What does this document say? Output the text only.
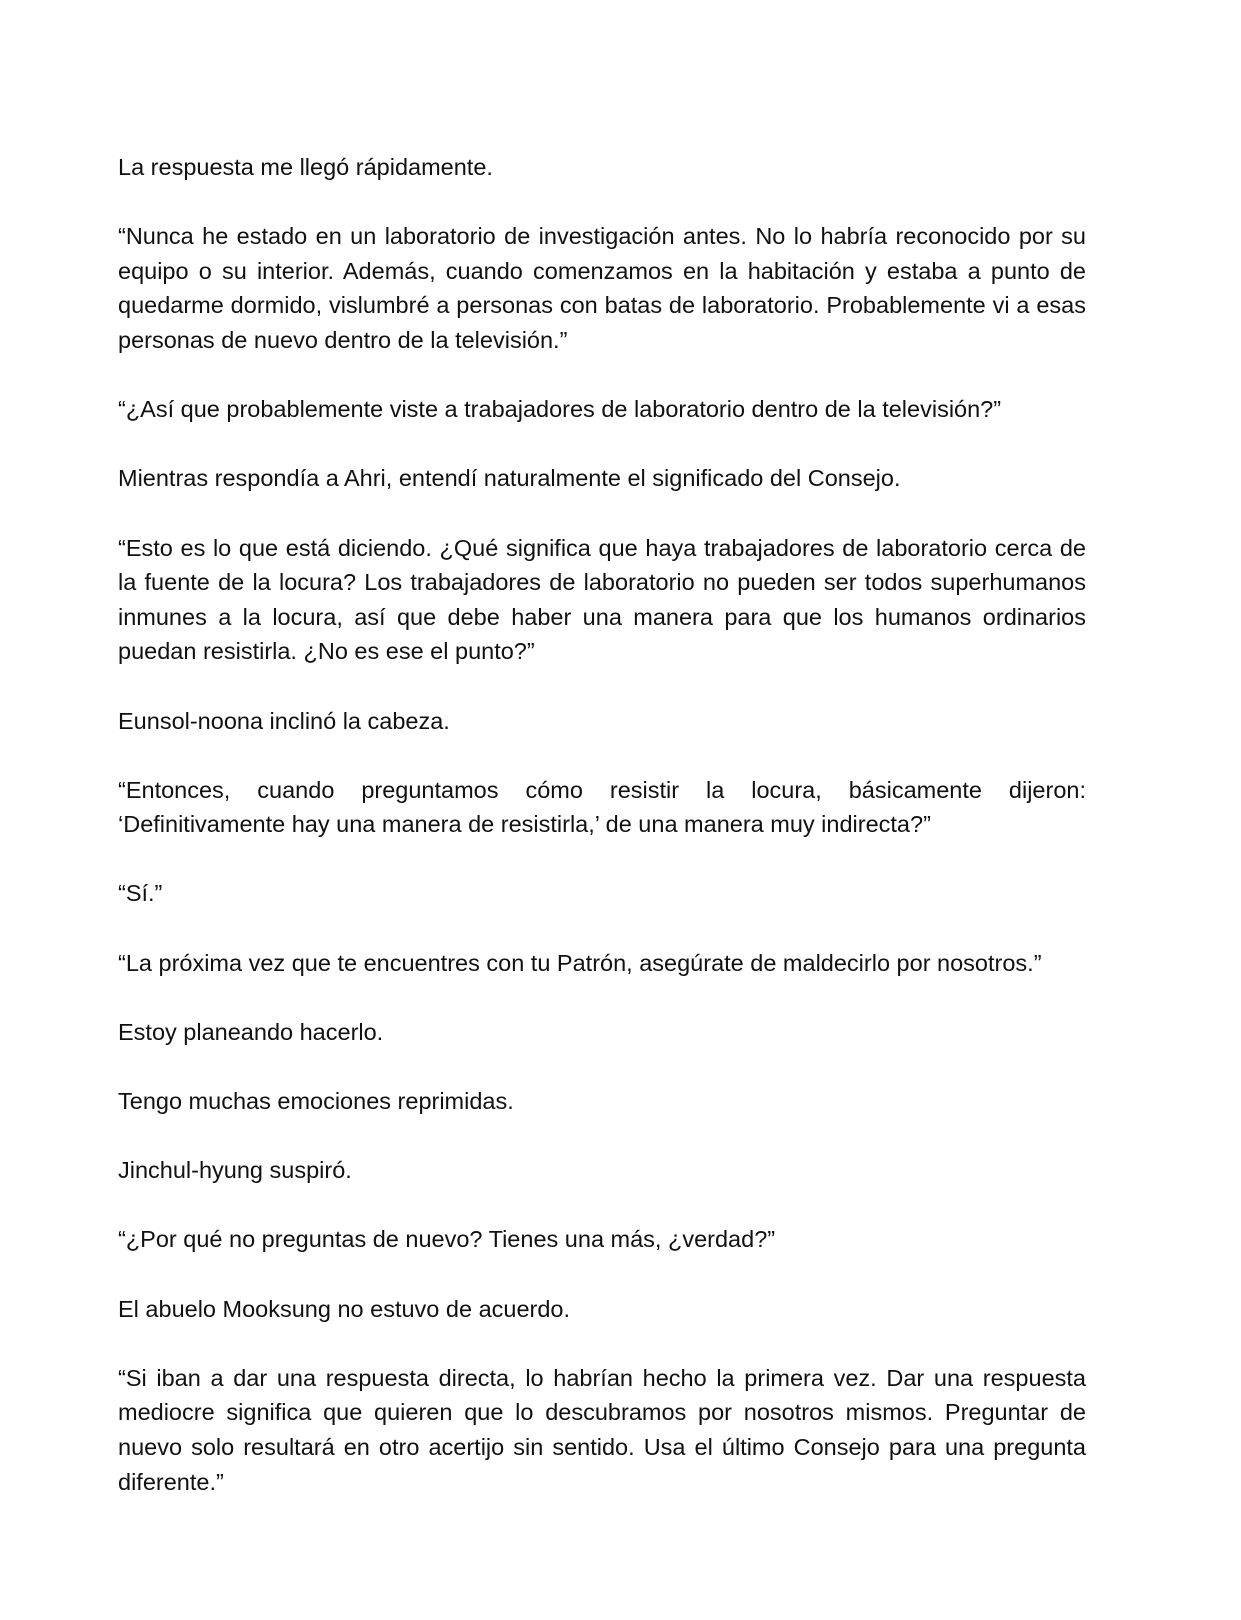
La respuesta me llegó rápidamente.

“Nunca he estado en un laboratorio de investigación antes. No lo habría reconocido por su equipo o su interior. Además, cuando comenzamos en la habitación y estaba a punto de quedarme dormido, vislumbré a personas con batas de laboratorio. Probablemente vi a esas personas de nuevo dentro de la televisión.”

“¿Así que probablemente viste a trabajadores de laboratorio dentro de la televisión?”

Mientras respondía a Ahri, entendí naturalmente el significado del Consejo.

“Esto es lo que está diciendo. ¿Qué significa que haya trabajadores de laboratorio cerca de la fuente de la locura? Los trabajadores de laboratorio no pueden ser todos superhumanos inmunes a la locura, así que debe haber una manera para que los humanos ordinarios puedan resistirla. ¿No es ese el punto?”

Eunsol-noona inclinó la cabeza.

“Entonces, cuando preguntamos cómo resistir la locura, básicamente dijeron: ‘Definitivamente hay una manera de resistirla,’ de una manera muy indirecta?”

“Sí.”

“La próxima vez que te encuentres con tu Patrón, asegúrate de maldecirlo por nosotros.”

Estoy planeando hacerlo.

Tengo muchas emociones reprimidas.

Jinchul-hyung suspiró.

“¿Por qué no preguntas de nuevo? Tienes una más, ¿verdad?”

El abuelo Mooksung no estuvo de acuerdo.

“Si iban a dar una respuesta directa, lo habrían hecho la primera vez. Dar una respuesta mediocre significa que quieren que lo descubramos por nosotros mismos. Preguntar de nuevo solo resultará en otro acertijo sin sentido. Usa el último Consejo para una pregunta diferente.”
